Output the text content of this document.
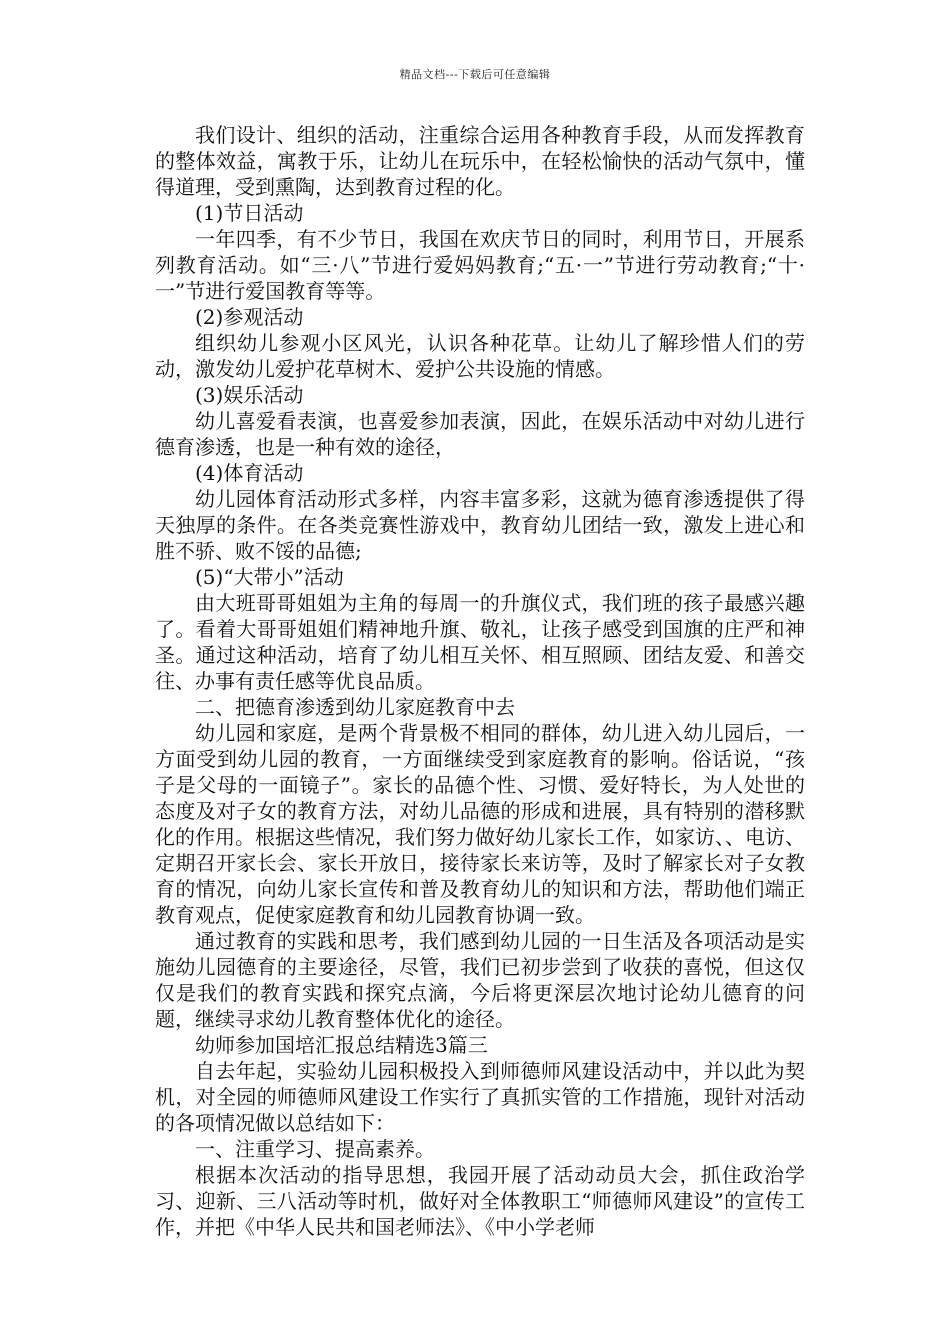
精品文档---下载后可任意编辑

我们设计、组织的活动，注重综合运用各种教育手段，从而发挥教育的整体效益，寓教于乐，让幼儿在玩乐中，在轻松愉快的活动气氛中，懂得道理，受到熏陶，达到教育过程的化。

(1)节日活动

一年四季，有不少节日，我国在欢庆节日的同时，利用节日，开展系列教育活动。如“三·八”节进行爱妈妈教育;“五·一”节进行劳动教育;“十·一”节进行爱国教育等等。

(2)参观活动

组织幼儿参观小区风光，认识各种花草。让幼儿了解珍惜人们的劳动，激发幼儿爱护花草树木、爱护公共设施的情感。

(3)娱乐活动

幼儿喜爱看表演，也喜爱参加表演，因此，在娱乐活动中对幼儿进行德育渗透，也是一种有效的途径，

(4)体育活动

幼儿园体育活动形式多样，内容丰富多彩，这就为德育渗透提供了得天独厚的条件。在各类竞赛性游戏中，教育幼儿团结一致，激发上进心和胜不骄、败不馁的品德;

(5)“大带小”活动

由大班哥哥姐姐为主角的每周一的升旗仪式，我们班的孩子最感兴趣了。看着大哥哥姐姐们精神地升旗、敬礼，让孩子感受到国旗的庄严和神圣。通过这种活动，培育了幼儿相互关怀、相互照顾、团结友爱、和善交往、办事有责任感等优良品质。

二、把德育渗透到幼儿家庭教育中去

幼儿园和家庭，是两个背景极不相同的群体，幼儿进入幼儿园后，一方面受到幼儿园的教育，一方面继续受到家庭教育的影响。俗话说，“孩子是父母的一面镜子”。家长的品德个性、习惯、爱好特长，为人处世的态度及对子女的教育方法，对幼儿品德的形成和进展，具有特别的潜移默化的作用。根据这些情况，我们努力做好幼儿家长工作，如家访、、电访、定期召开家长会、家长开放日，接待家长来访等，及时了解家长对子女教育的情况，向幼儿家长宣传和普及教育幼儿的知识和方法，帮助他们端正教育观点，促使家庭教育和幼儿园教育协调一致。

通过教育的实践和思考，我们感到幼儿园的一日生活及各项活动是实施幼儿园德育的主要途径，尽管，我们已初步尝到了收获的喜悦，但这仅仅是我们的教育实践和探究点滴，今后将更深层次地讨论幼儿德育的问题，继续寻求幼儿教育整体优化的途径。

幼师参加国培汇报总结精选3篇三

自去年起，实验幼儿园积极投入到师德师风建设活动中，并以此为契机，对全园的师德师风建设工作实行了真抓实管的工作措施，现针对活动的各项情况做以总结如下：

一、注重学习、提高素养。

根据本次活动的指导思想，我园开展了活动动员大会，抓住政治学习、迎新、三八活动等时机，做好对全体教职工“师德师风建设”的宣传工作，并把《中华人民共和国老师法》、《中小学老师
